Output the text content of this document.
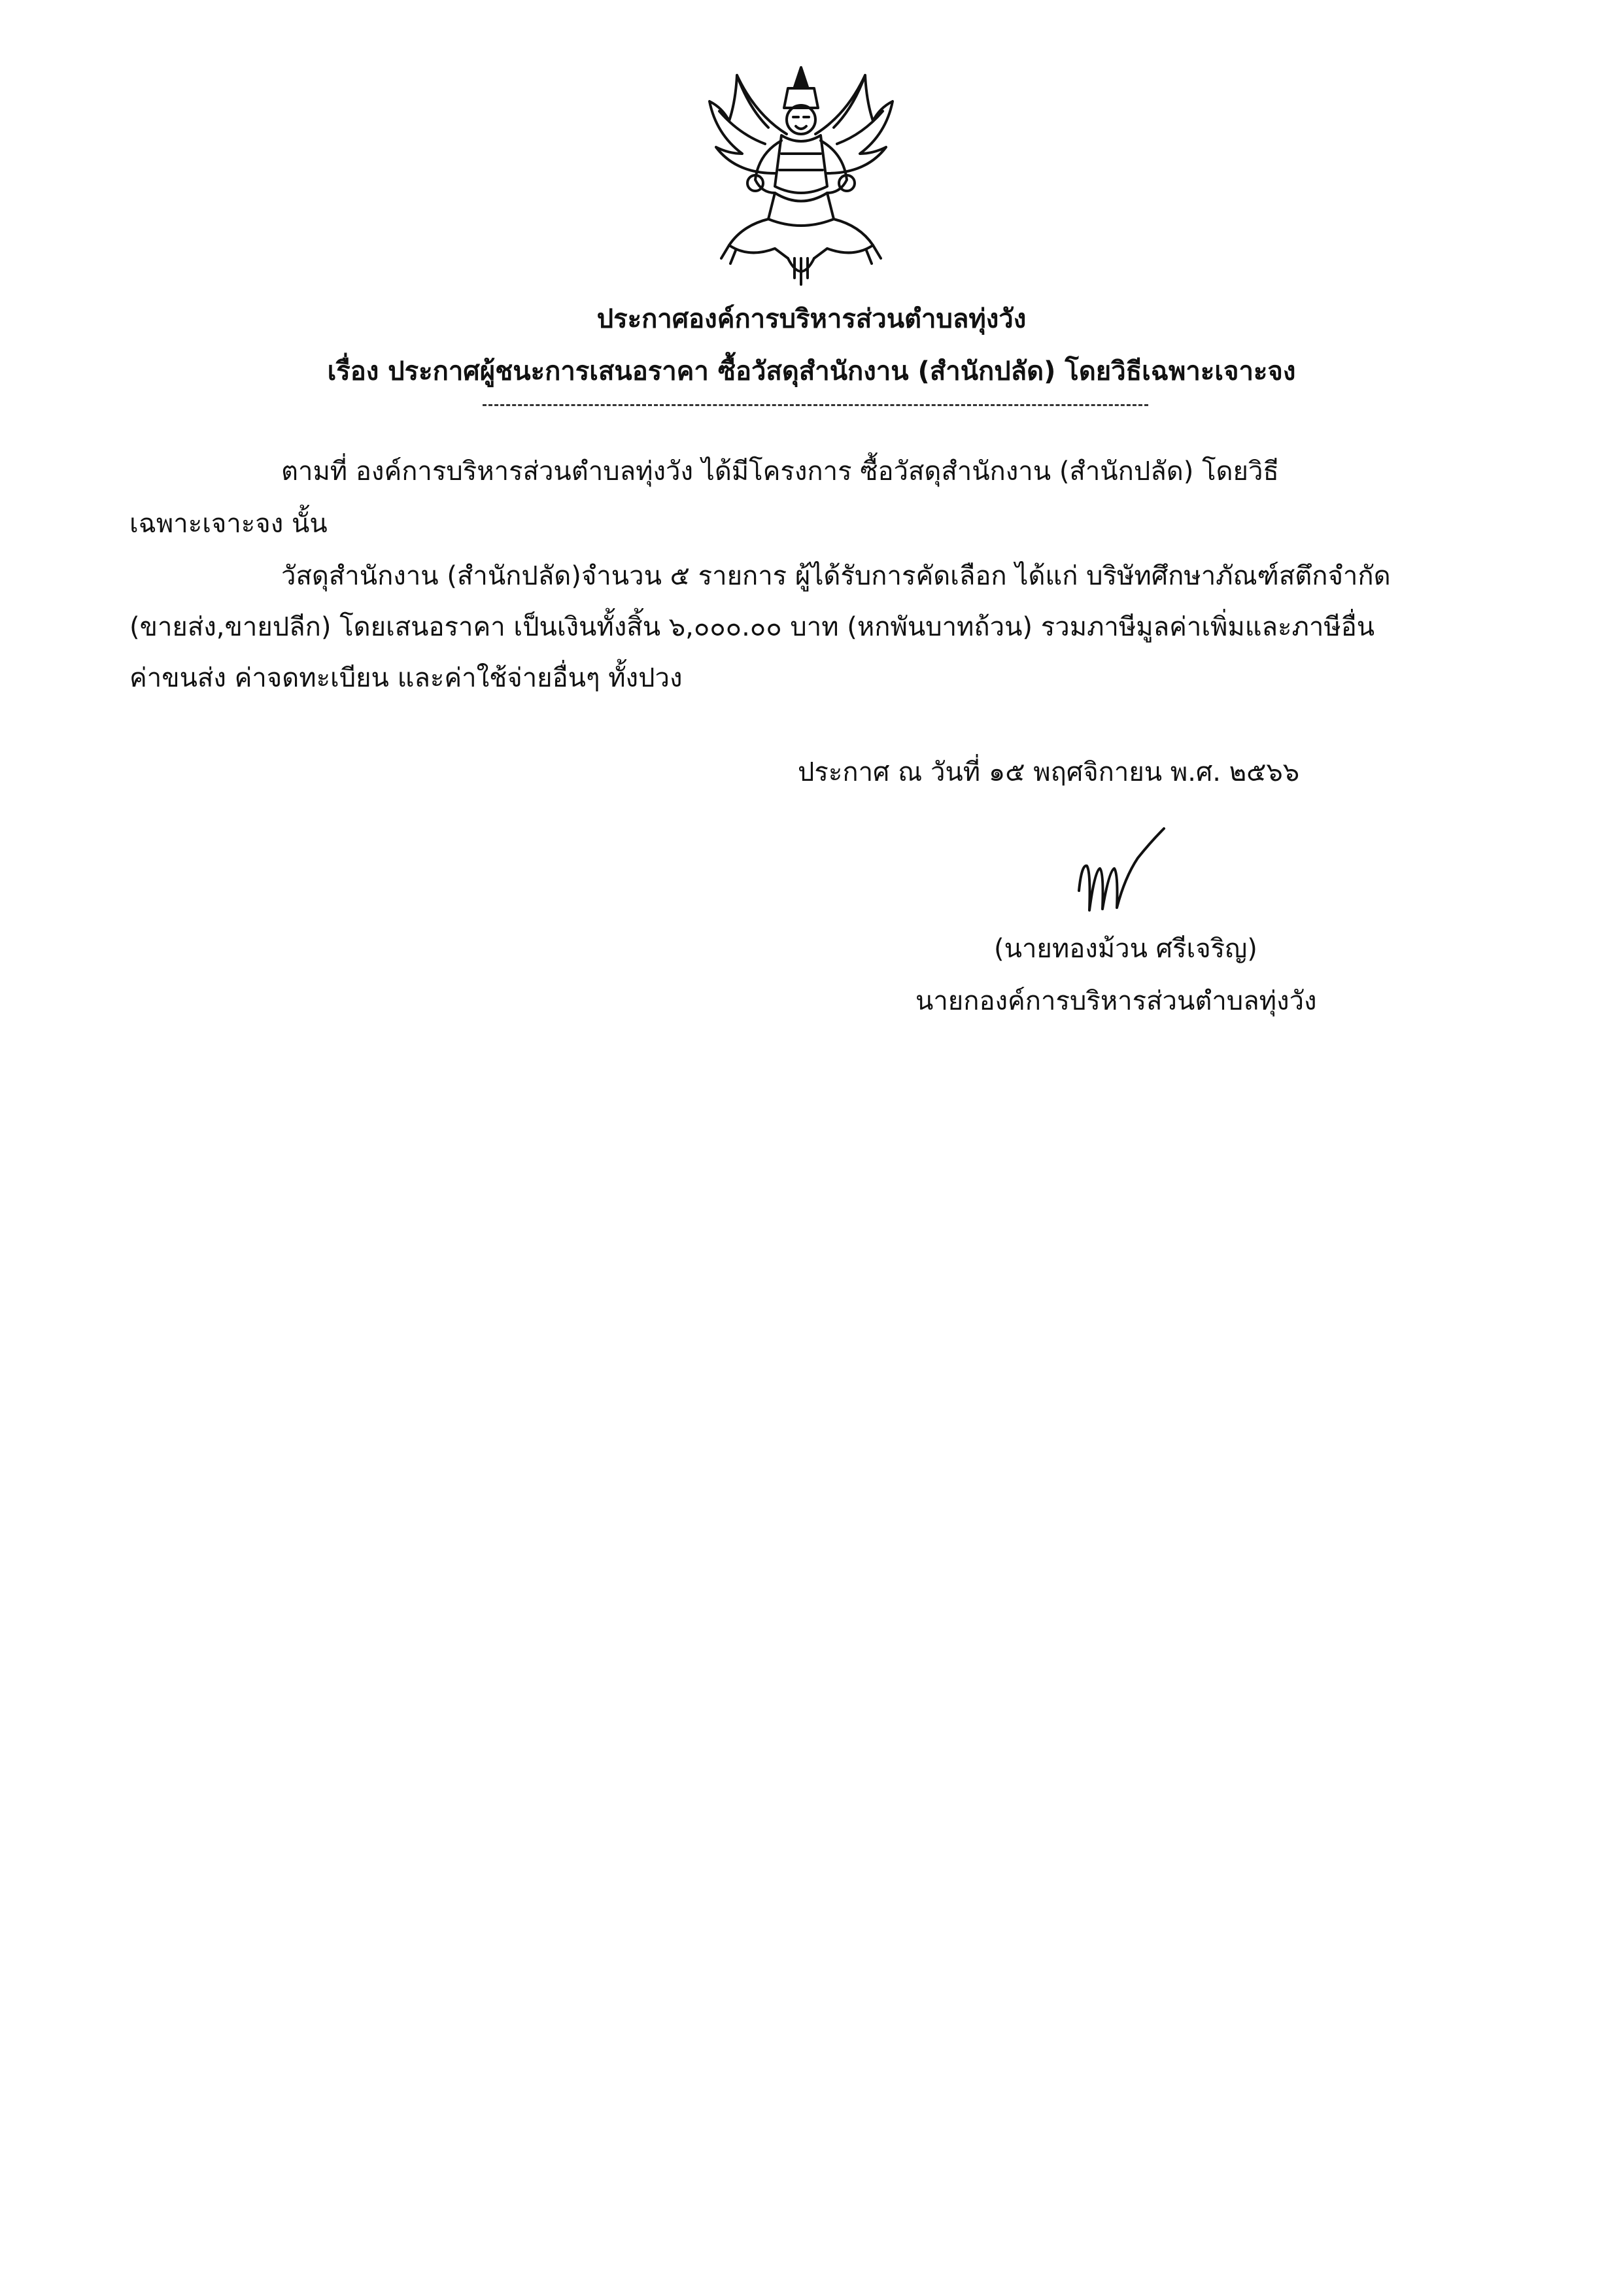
ประกาศองค์การบริหารส่วนตำบลทุ่งวัง
เรื่อง ประกาศผู้ชนะการเสนอราคา ซื้อวัสดุสำนักงาน (สำนักปลัด) โดยวิธีเฉพาะเจาะจง
ตามที่ องค์การบริหารส่วนตำบลทุ่งวัง ได้มีโครงการ ซื้อวัสดุสำนักงาน (สำนักปลัด) โดยวิธี
เฉพาะเจาะจง นั้น
วัสดุสำนักงาน (สำนักปลัด)จำนวน ๕ รายการ ผู้ได้รับการคัดเลือก ได้แก่ บริษัทศึกษาภัณฑ์สตึกจำกัด
(ขายส่ง,ขายปลีก) โดยเสนอราคา เป็นเงินทั้งสิ้น ๖,๐๐๐.๐๐ บาท (หกพันบาทถ้วน) รวมภาษีมูลค่าเพิ่มและภาษีอื่น
ค่าขนส่ง ค่าจดทะเบียน และค่าใช้จ่ายอื่นๆ ทั้งปวง
ประกาศ ณ วันที่ ๑๕ พฤศจิกายน พ.ศ. ๒๕๖๖
(นายทองม้วน ศรีเจริญ)
นายกองค์การบริหารส่วนตำบลทุ่งวัง
